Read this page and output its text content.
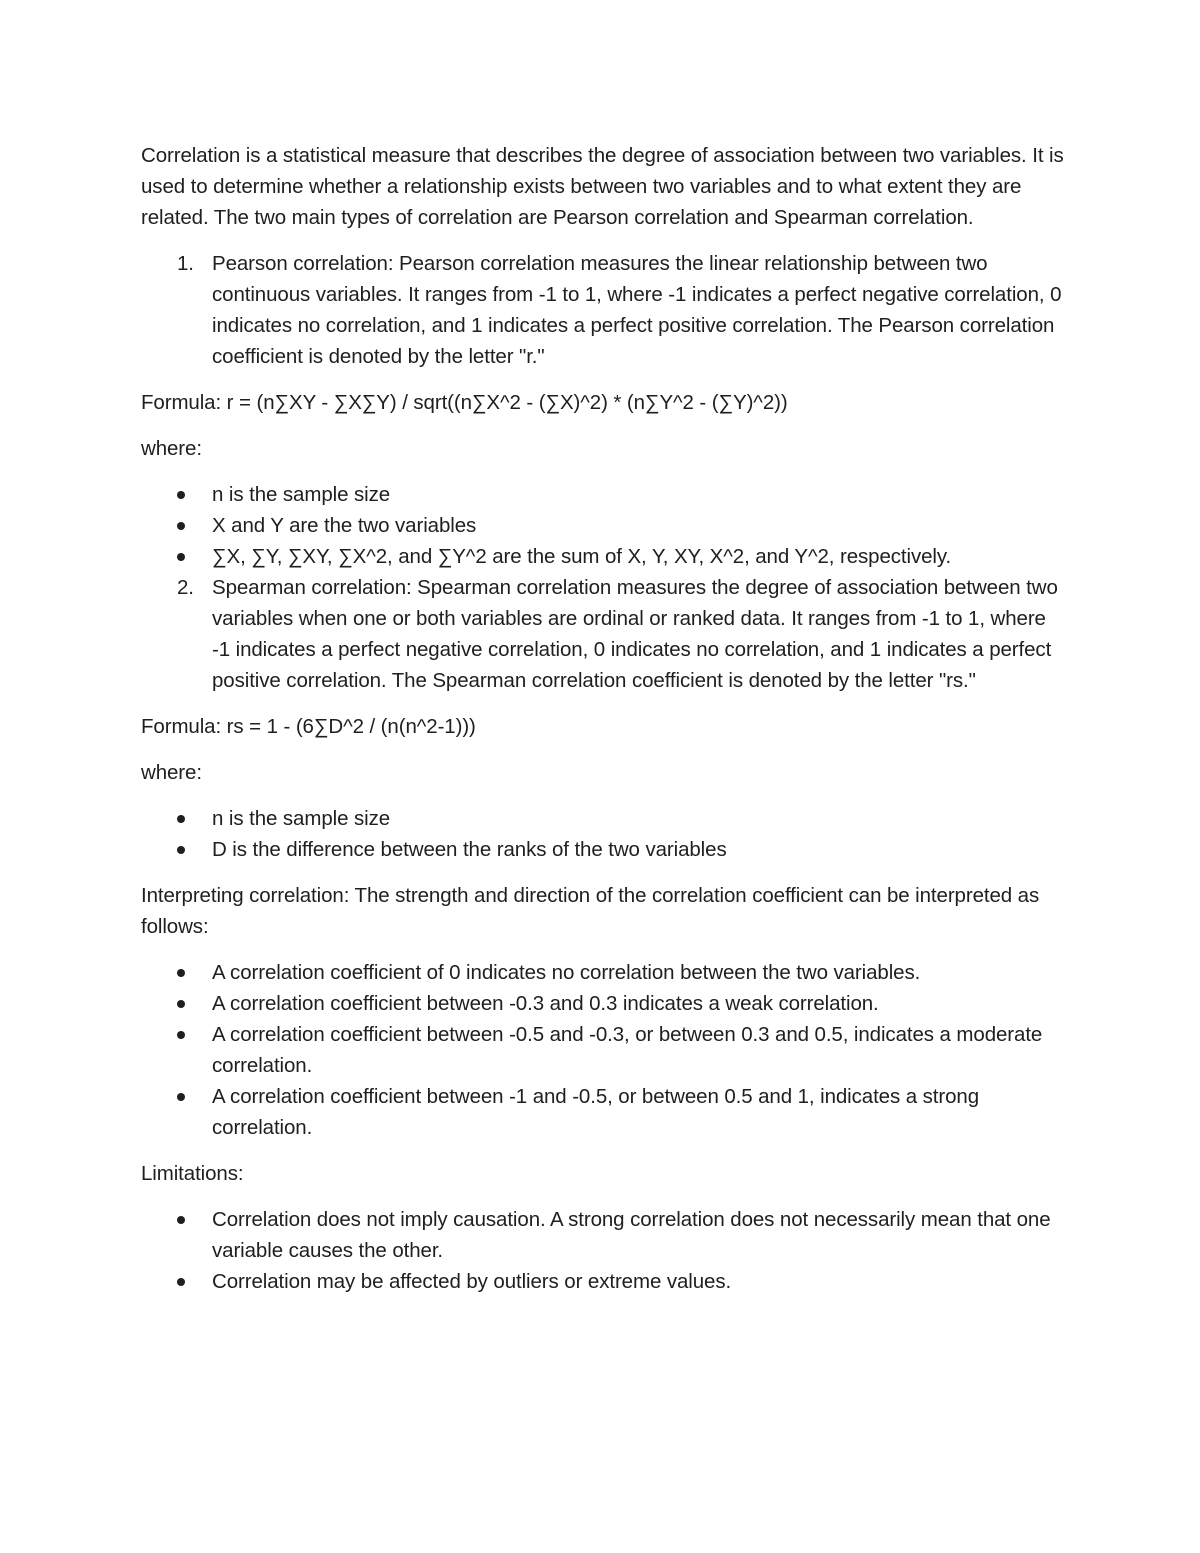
Correlation is a statistical measure that describes the degree of association between two variables. It is used to determine whether a relationship exists between two variables and to what extent they are related. The two main types of correlation are Pearson correlation and Spearman correlation.

1. Pearson correlation: Pearson correlation measures the linear relationship between two continuous variables. It ranges from -1 to 1, where -1 indicates a perfect negative correlation, 0 indicates no correlation, and 1 indicates a perfect positive correlation. The Pearson correlation coefficient is denoted by the letter "r."

Formula: r = (n∑XY - ∑X∑Y) / sqrt((n∑X^2 - (∑X)^2) * (n∑Y^2 - (∑Y)^2))

where:

n is the sample size
X and Y are the two variables
∑X, ∑Y, ∑XY, ∑X^2, and ∑Y^2 are the sum of X, Y, XY, X^2, and Y^2, respectively.
2. Spearman correlation: Spearman correlation measures the degree of association between two variables when one or both variables are ordinal or ranked data. It ranges from -1 to 1, where -1 indicates a perfect negative correlation, 0 indicates no correlation, and 1 indicates a perfect positive correlation. The Spearman correlation coefficient is denoted by the letter "rs."

Formula: rs = 1 - (6∑D^2 / (n(n^2-1)))

where:

n is the sample size
D is the difference between the ranks of the two variables

Interpreting correlation: The strength and direction of the correlation coefficient can be interpreted as follows:

A correlation coefficient of 0 indicates no correlation between the two variables.
A correlation coefficient between -0.3 and 0.3 indicates a weak correlation.
A correlation coefficient between -0.5 and -0.3, or between 0.3 and 0.5, indicates a moderate correlation.
A correlation coefficient between -1 and -0.5, or between 0.5 and 1, indicates a strong correlation.

Limitations:

Correlation does not imply causation. A strong correlation does not necessarily mean that one variable causes the other.
Correlation may be affected by outliers or extreme values.
